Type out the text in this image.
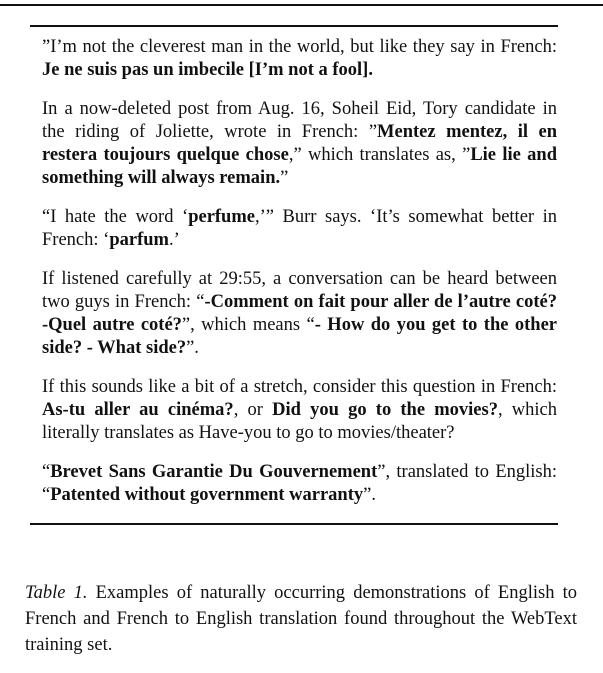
”I’m not the cleverest man in the world, but like they say in French: Je ne suis pas un imbecile [I’m not a fool].
In a now-deleted post from Aug. 16, Soheil Eid, Tory candidate in the riding of Joliette, wrote in French: ”Mentez mentez, il en restera toujours quelque chose,” which translates as, ”Lie lie and something will always remain.”
“I hate the word ‘perfume,’” Burr says. ‘It’s somewhat better in French: ‘parfum.’
If listened carefully at 29:55, a conversation can be heard between two guys in French: “-Comment on fait pour aller de l’autre coté? -Quel autre coté?”, which means “- How do you get to the other side? - What side?”.
If this sounds like a bit of a stretch, consider this question in French: As-tu aller au cinéma?, or Did you go to the movies?, which literally translates as Have-you to go to movies/theater?
“Brevet Sans Garantie Du Gouvernement”, translated to English: “Patented without government warranty”.
Table 1. Examples of naturally occurring demonstrations of English to French and French to English translation found throughout the WebText training set.
